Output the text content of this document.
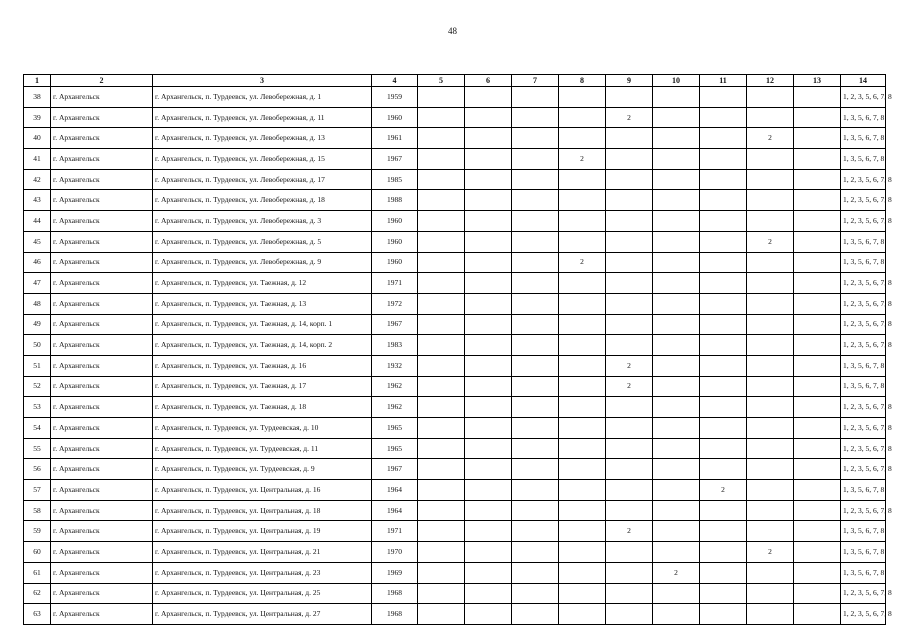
48
1	2	3	4	5	6	7	8	9	10	11	12	13	14
38	г. Архангельск	г. Архангельск, п. Турдеевск, ул. Левобережная, д. 1	1959										1, 2, 3, 5, 6, 7, 8
39	г. Архангельск	г. Архангельск, п. Турдеевск, ул. Левобережная, д. 11	1960					2					1, 3, 5, 6, 7, 8
40	г. Архангельск	г. Архангельск, п. Турдеевск, ул. Левобережная, д. 13	1961								2		1, 3, 5, 6, 7, 8
41	г. Архангельск	г. Архангельск, п. Турдеевск, ул. Левобережная, д. 15	1967				2						1, 3, 5, 6, 7, 8
42	г. Архангельск	г. Архангельск, п. Турдеевск, ул. Левобережная, д. 17	1985										1, 2, 3, 5, 6, 7, 8
43	г. Архангельск	г. Архангельск, п. Турдеевск, ул. Левобережная, д. 18	1988										1, 2, 3, 5, 6, 7, 8
44	г. Архангельск	г. Архангельск, п. Турдеевск, ул. Левобережная, д. 3	1960										1, 2, 3, 5, 6, 7, 8
45	г. Архангельск	г. Архангельск, п. Турдеевск, ул. Левобережная, д. 5	1960								2		1, 3, 5, 6, 7, 8
46	г. Архангельск	г. Архангельск, п. Турдеевск, ул. Левобережная, д. 9	1960				2						1, 3, 5, 6, 7, 8
47	г. Архангельск	г. Архангельск, п. Турдеевск, ул. Таежная, д. 12	1971										1, 2, 3, 5, 6, 7, 8
48	г. Архангельск	г. Архангельск, п. Турдеевск, ул. Таежная, д. 13	1972										1, 2, 3, 5, 6, 7, 8
49	г. Архангельск	г. Архангельск, п. Турдеевск, ул. Таежная, д. 14, корп. 1	1967										1, 2, 3, 5, 6, 7, 8
50	г. Архангельск	г. Архангельск, п. Турдеевск, ул. Таежная, д. 14, корп. 2	1983										1, 2, 3, 5, 6, 7, 8
51	г. Архангельск	г. Архангельск, п. Турдеевск, ул. Таежная, д. 16	1932					2					1, 3, 5, 6, 7, 8
52	г. Архангельск	г. Архангельск, п. Турдеевск, ул. Таежная, д. 17	1962					2					1, 3, 5, 6, 7, 8
53	г. Архангельск	г. Архангельск, п. Турдеевск, ул. Таежная, д. 18	1962										1, 2, 3, 5, 6, 7, 8
54	г. Архангельск	г. Архангельск, п. Турдеевск, ул. Турдеевская, д. 10	1965										1, 2, 3, 5, 6, 7, 8
55	г. Архангельск	г. Архангельск, п. Турдеевск, ул. Турдеевская, д. 11	1965										1, 2, 3, 5, 6, 7, 8
56	г. Архангельск	г. Архангельск, п. Турдеевск, ул. Турдеевская, д. 9	1967										1, 2, 3, 5, 6, 7, 8
57	г. Архангельск	г. Архангельск, п. Турдеевск, ул. Центральная, д. 16	1964							2			1, 3, 5, 6, 7, 8
58	г. Архангельск	г. Архангельск, п. Турдеевск, ул. Центральная, д. 18	1964										1, 2, 3, 5, 6, 7, 8
59	г. Архангельск	г. Архангельск, п. Турдеевск, ул. Центральная, д. 19	1971					2					1, 3, 5, 6, 7, 8
60	г. Архангельск	г. Архангельск, п. Турдеевск, ул. Центральная, д. 21	1970								2		1, 3, 5, 6, 7, 8
61	г. Архангельск	г. Архангельск, п. Турдеевск, ул. Центральная, д. 23	1969						2				1, 3, 5, 6, 7, 8
62	г. Архангельск	г. Архангельск, п. Турдеевск, ул. Центральная, д. 25	1968										1, 2, 3, 5, 6, 7, 8
63	г. Архангельск	г. Архангельск, п. Турдеевск, ул. Центральная, д. 27	1968										1, 2, 3, 5, 6, 7, 8
